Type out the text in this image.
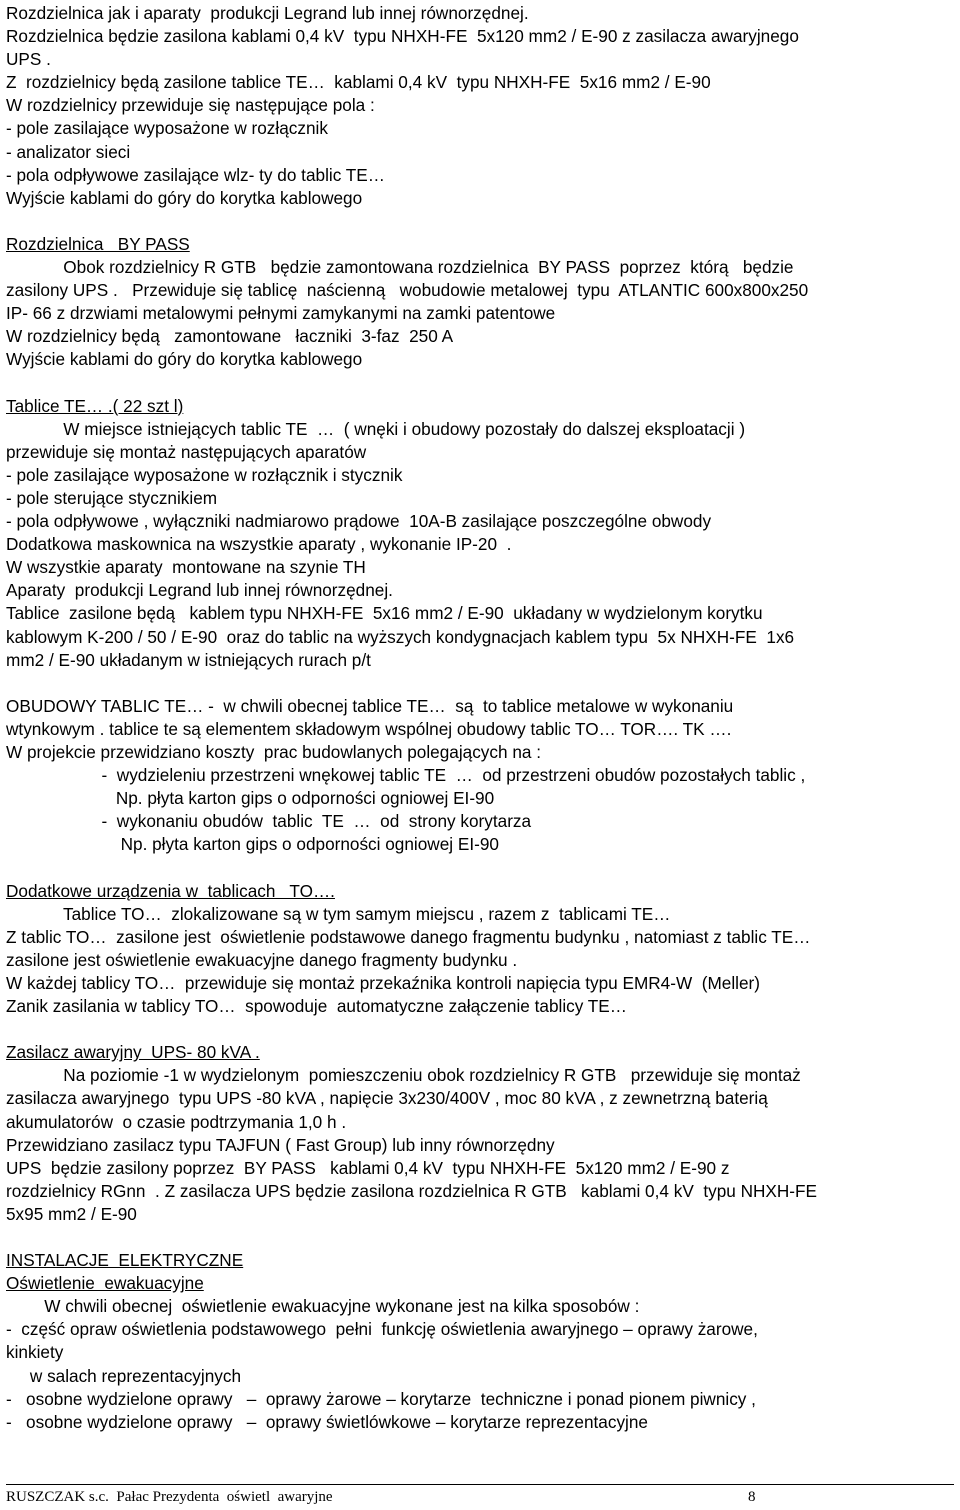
Rozdzielnica jak i aparaty  produkcji Legrand lub innej równorzędnej.
Rozdzielnica będzie zasilona kablami 0,4 kV  typu NHXH-FE  5x120 mm2 / E-90 z zasilacza awaryjnego
UPS .
Z  rozdzielnicy będą zasilone tablice TE…  kablami 0,4 kV  typu NHXH-FE  5x16 mm2 / E-90
W rozdzielnicy przewiduje się następujące pola :
- pole zasilające wyposażone w rozłącznik
- analizator sieci
- pola odpływowe zasilające wlz- ty do tablic TE…
Wyjście kablami do góry do korytka kablowego
Rozdzielnica   BY PASS
Obok rozdzielnicy R GTB   będzie zamontowana rozdzielnica  BY PASS  poprzez  którą   będzie
zasilony UPS .   Przewiduje się tablicę  naścienną   wobudowie metalowej  typu  ATLANTIC 600x800x250
IP- 66 z drzwiami metalowymi pełnymi zamykanymi na zamki patentowe
W rozdzielnicy będą   zamontowane   łaczniki  3-faz  250 A
Wyjście kablami do góry do korytka kablowego
Tablice TE… .( 22 szt l)
W miejsce istniejących tablic TE  …  ( wnęki i obudowy pozostały do dalszej eksploatacji )
przewiduje się montaż następujących aparatów
- pole zasilające wyposażone w rozłącznik i stycznik
- pole sterujące stycznikiem
- pola odpływowe , wyłączniki nadmiarowo prądowe  10A-B zasilające poszczególne obwody
Dodatkowa maskownica na wszystkie aparaty , wykonanie IP-20  .
W wszystkie aparaty  montowane na szynie TH
Aparaty  produkcji Legrand lub innej równorzędnej.
Tablice  zasilone będą   kablem typu NHXH-FE  5x16 mm2 / E-90  układany w wydzielonym korytku
kablowym K-200 / 50 / E-90  oraz do tablic na wyższych kondygnacjach kablem typu  5x NHXH-FE  1x6
mm2 / E-90 układanym w istniejących rurach p/t
OBUDOWY TABLIC TE… -  w chwili obecnej tablice TE…  są  to tablice metalowe w wykonaniu
wtynkowym . tablice te są elementem składowym wspólnej obudowy tablic TO… TOR…. TK ….
W projekcie przewidziano koszty  prac budowlanych polegających na :
-  wydzieleniu przestrzeni wnękowej tablic TE  …  od przestrzeni obudów pozostałych tablic ,
Np. płyta karton gips o odporności ogniowej EI-90
-  wykonaniu obudów  tablic  TE  …  od  strony korytarza
Np. płyta karton gips o odporności ogniowej EI-90
Dodatkowe urządzenia w  tablicach   TO….
Tablice TO…  zlokalizowane są w tym samym miejscu , razem z  tablicami TE…
Z tablic TO…  zasilone jest  oświetlenie podstawowe danego fragmentu budynku , natomiast z tablic TE…
zasilone jest oświetlenie ewakuacyjne danego fragmenty budynku .
W każdej tablicy TO…  przewiduje się montaż przekaźnika kontroli napięcia typu EMR4-W  (Meller)
Zanik zasilania w tablicy TO…  spowoduje  automatyczne załączenie tablicy TE…
Zasilacz awaryjny  UPS- 80 kVA .
Na poziomie -1 w wydzielonym  pomieszczeniu obok rozdzielnicy R GTB   przewiduje się montaż
zasilacza awaryjnego  typu UPS -80 kVA , napięcie 3x230/400V , moc 80 kVA , z zewnetrzną baterią
akumulatorów  o czasie podtrzymania 1,0 h .
Przewidziano zasilacz typu TAJFUN ( Fast Group) lub inny równorzędny
UPS  będzie zasilony poprzez  BY PASS   kablami 0,4 kV  typu NHXH-FE  5x120 mm2 / E-90 z
rozdzielnicy RGnn  . Z zasilacza UPS będzie zasilona rozdzielnica R GTB   kablami 0,4 kV  typu NHXH-FE
5x95 mm2 / E-90
INSTALACJE  ELEKTRYCZNE
Oświetlenie  ewakuacyjne
W chwili obecnej  oświetlenie ewakuacyjne wykonane jest na kilka sposobów :
-  część opraw oświetlenia podstawowego  pełni  funkcję oświetlenia awaryjnego – oprawy żarowe,
kinkiety
w salach reprezentacyjnych
-   osobne wydzielone oprawy   –  oprawy żarowe – korytarze  techniczne i ponad pionem piwnicy ,
-   osobne wydzielone oprawy   –  oprawy świetlówkowe – korytarze reprezentacyjne
RUSZCZAK s.c.  Pałac Prezydenta  oświetl  awaryjne	8
